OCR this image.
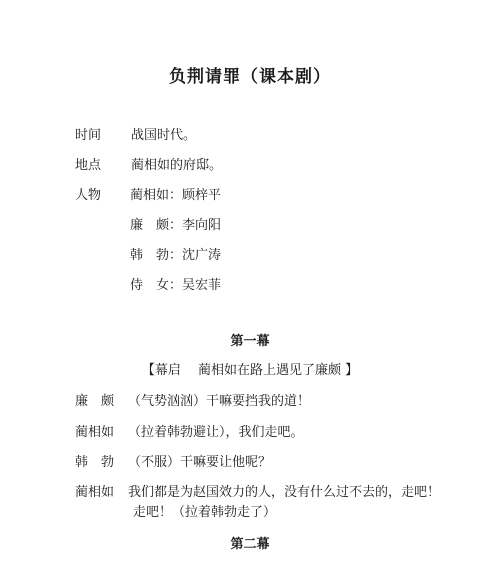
负荆请罪（课本剧）
时间 战国时代。
地点 蔺相如的府邸。
人物 蔺相如：顾梓平
廉　颇：李向阳
韩　勃：沈广涛
侍　女：吴宏菲
第一幕
【幕启　 蔺相如在路上遇见了廉颇 】
廉　颇 （气势汹汹）干嘛要挡我的道！
蔺相如 （拉着韩勃避让），我们走吧。
韩　勃 （不服）干嘛要让他呢？
蔺相如 我们都是为赵国效力的人，没有什么过不去的，走吧！
走吧！（拉着韩勃走了）
第二幕
